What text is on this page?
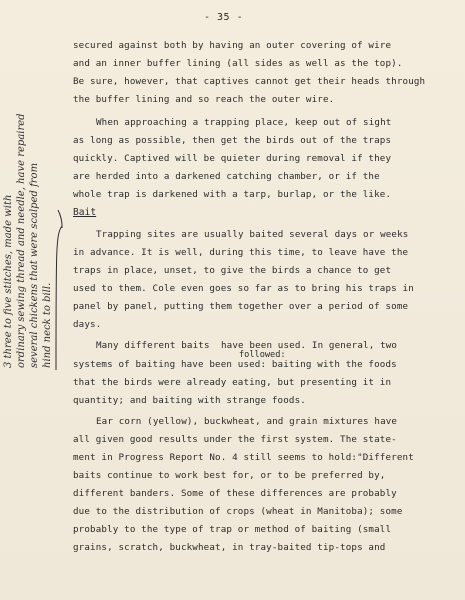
- 35 -
secured against both by having an outer covering of wire
and an inner buffer lining (all sides as well as the top).
Be sure, however, that captives cannot get their heads through
the buffer lining and so reach the outer wire.
When approaching a trapping place, keep out of sight
as long as possible, then get the birds out of the traps
quickly. Captived will be quieter during removal if they
are herded into a darkened catching chamber, or if the
whole trap is darkened with a tarp, burlap, or the like.
Bait
Trapping sites are usually baited several days or weeks
in advance. It is well, during this time, to leave have the
traps in place, unset, to give the birds a chance to get
used to them. Cole even goes so far as to bring his traps in
panel by panel, putting them together over a period of some
days.
Many different baits  have been used. In general, two
followed:
systems of baiting have been used: baiting with the foods
that the birds were already eating, but presenting it in
quantity; and baiting with strange foods.
Ear corn (yellow), buckwheat, and grain mixtures have
all given good results under the first system. The state-
ment in Progress Report No. 4 still seems to hold:"Different
baits continue to work best for, or to be preferred by,
different banders. Some of these differences are probably
due to the distribution of crops (wheat in Manitoba); some
probably to the type of trap or method of baiting (small
grains, scratch, buckwheat, in tray-baited tip-tops and
3 three to five stitches, made with ordinary sewing thread and needle, have repaired several chickens that were scalped from hind neck to bill.
